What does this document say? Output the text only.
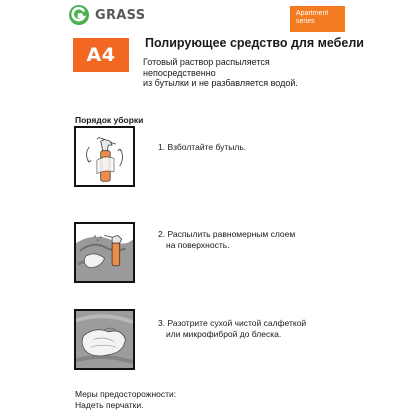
GRASS	Apartment
series
A4
Полирующее средство для мебели
Готовый раствор распыляется непосредственно
из бутылки и не разбавляется водой.
Порядок уборки
1. Взболтайте бутыль.
2. Распылить равномерным слоем
на поверхность.
3. Разотрите сухой чистой салфеткой
или микрофиброй до блеска.
Меры предосторожности:
Надеть перчатки.
